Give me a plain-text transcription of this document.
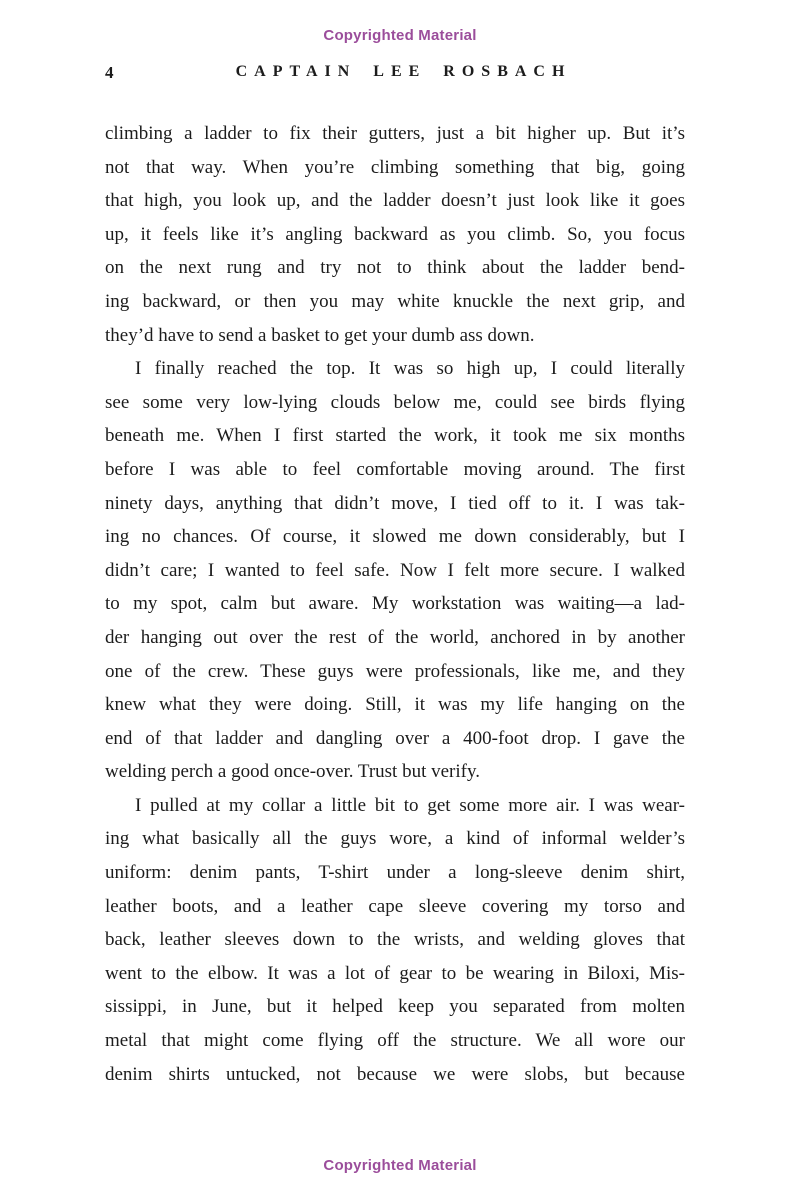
Copyrighted Material
4	CAPTAIN LEE ROSBACH
climbing a ladder to fix their gutters, just a bit higher up. But it’s
not that way. When you’re climbing something that big, going
that high, you look up, and the ladder doesn’t just look like it goes
up, it feels like it’s angling backward as you climb. So, you focus
on the next rung and try not to think about the ladder bend-
ing backward, or then you may white knuckle the next grip, and
they’d have to send a basket to get your dumb ass down.
I finally reached the top. It was so high up, I could literally
see some very low-lying clouds below me, could see birds flying
beneath me. When I first started the work, it took me six months
before I was able to feel comfortable moving around. The first
ninety days, anything that didn’t move, I tied off to it. I was tak-
ing no chances. Of course, it slowed me down considerably, but I
didn’t care; I wanted to feel safe. Now I felt more secure. I walked
to my spot, calm but aware. My workstation was waiting—a lad-
der hanging out over the rest of the world, anchored in by another
one of the crew. These guys were professionals, like me, and they
knew what they were doing. Still, it was my life hanging on the
end of that ladder and dangling over a 400-foot drop. I gave the
welding perch a good once-over. Trust but verify.
I pulled at my collar a little bit to get some more air. I was wear-
ing what basically all the guys wore, a kind of informal welder’s
uniform: denim pants, T-shirt under a long-sleeve denim shirt,
leather boots, and a leather cape sleeve covering my torso and
back, leather sleeves down to the wrists, and welding gloves that
went to the elbow. It was a lot of gear to be wearing in Biloxi, Mis-
sissippi, in June, but it helped keep you separated from molten
metal that might come flying off the structure. We all wore our
denim shirts untucked, not because we were slobs, but because
Copyrighted Material
